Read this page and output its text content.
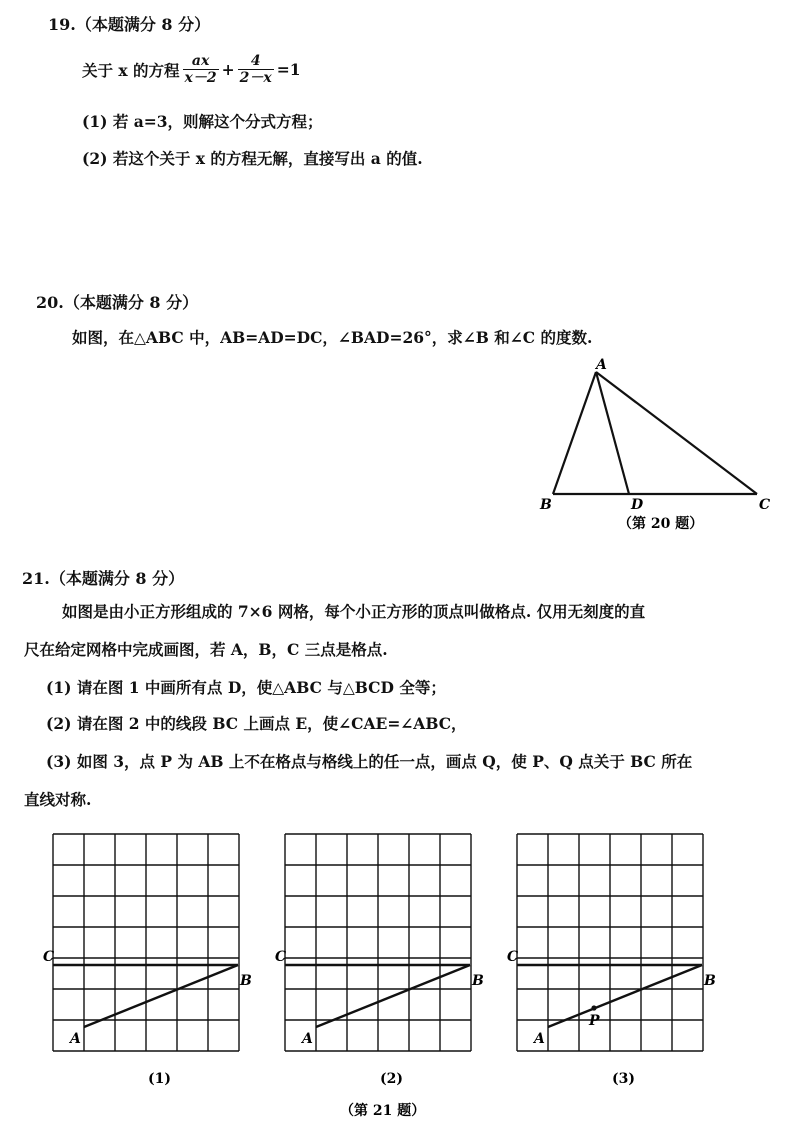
19.（本题满分 8 分）
关于 x 的方程 $\frac{ax}{x-2} + \frac{4}{2-x} =1$
(1) 若 a=3，则解这个分式方程；
(2) 若这个关于 x 的方程无解，直接写出 a 的值.
20.（本题满分 8 分）
如图，在△ABC 中，AB=AD=DC，∠BAD=26°，求∠B 和∠C 的度数.
A
B	D	C
（第 20 题）
21.（本题满分 8 分）
如图是由小正方形组成的 7×6 网格，每个小正方形的顶点叫做格点. 仅用无刻度的直
尺在给定网格中完成画图，若 A，B，C 三点是格点.
(1) 请在图 1 中画所有点 D，使△ABC 与△BCD 全等；
(2) 请在图 2 中的线段 BC 上画点 E，使∠CAE=∠ABC，
(3) 如图 3，点 P 为 AB 上不在格点与格线上的任一点，画点 Q，使 P、Q 点关于 BC 所在
直线对称.
C
B
A
(1)
C
B
A
(2)
C
B
A
P
(3)
（第 21 题）
